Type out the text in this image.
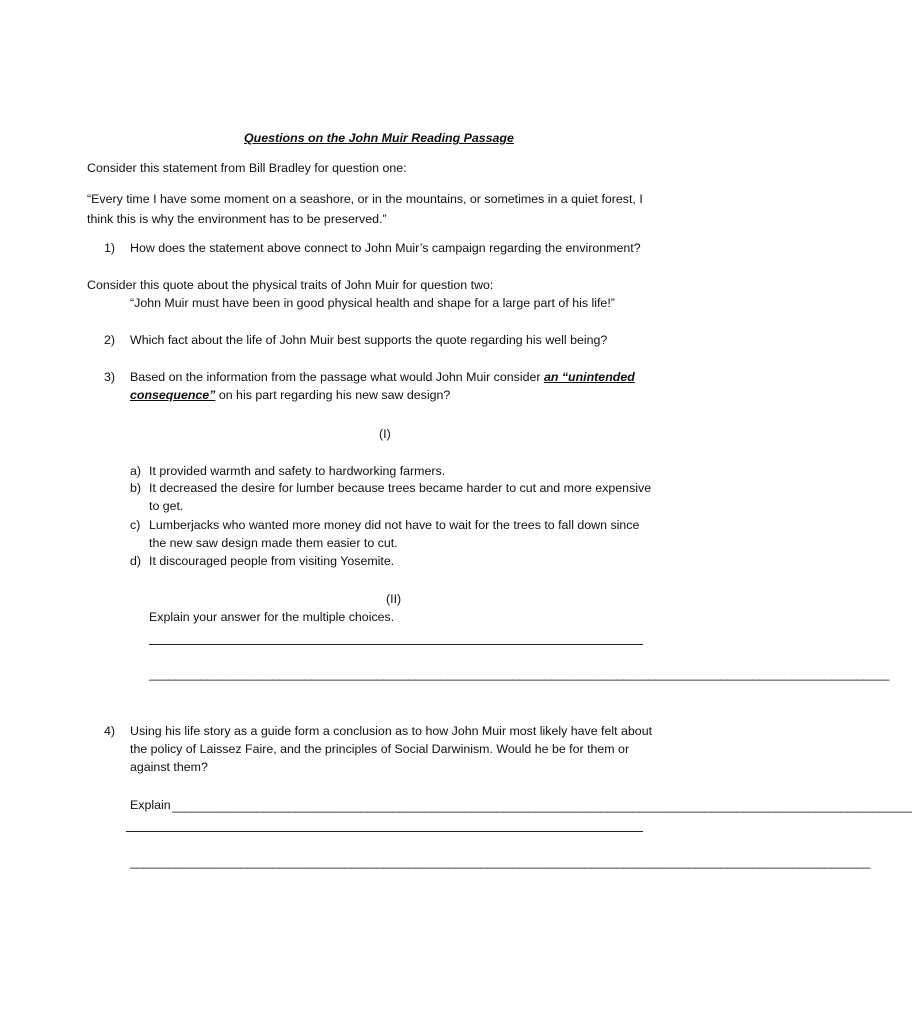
Questions on the John Muir Reading Passage
Consider this statement from Bill Bradley for question one:
“Every time I have some moment on a seashore, or in the mountains, or sometimes in a quiet forest, I
think this is why the environment has to be preserved.”
1) How does the statement above connect to John Muir’s campaign regarding the environment?
Consider this quote about the physical traits of John Muir for question two:
“John Muir must have been in good physical health and shape for a large part of his life!”
2) Which fact about the life of John Muir best supports the quote regarding his well being?
3) Based on the information from the passage what would John Muir consider an “unintended
consequence” on his part regarding his new saw design?
(I)
a) It provided warmth and safety to hardworking farmers.
b) It decreased the desire for lumber because trees became harder to cut and more expensive
to get.
c) Lumberjacks who wanted more money did not have to wait for the trees to fall down since
the new saw design made them easier to cut.
d) It discouraged people from visiting Yosemite.
(II)
Explain your answer for the multiple choices.
__________________________________________________________________________________________________________________
4) Using his life story as a guide form a conclusion as to how John Muir most likely have felt about
the policy of Laissez Faire, and the principles of Social Darwinism. Would he be for them or
against them?
Explain __________________________________________________________________________________________________________________
__________________________________________________________________________________________________________________
